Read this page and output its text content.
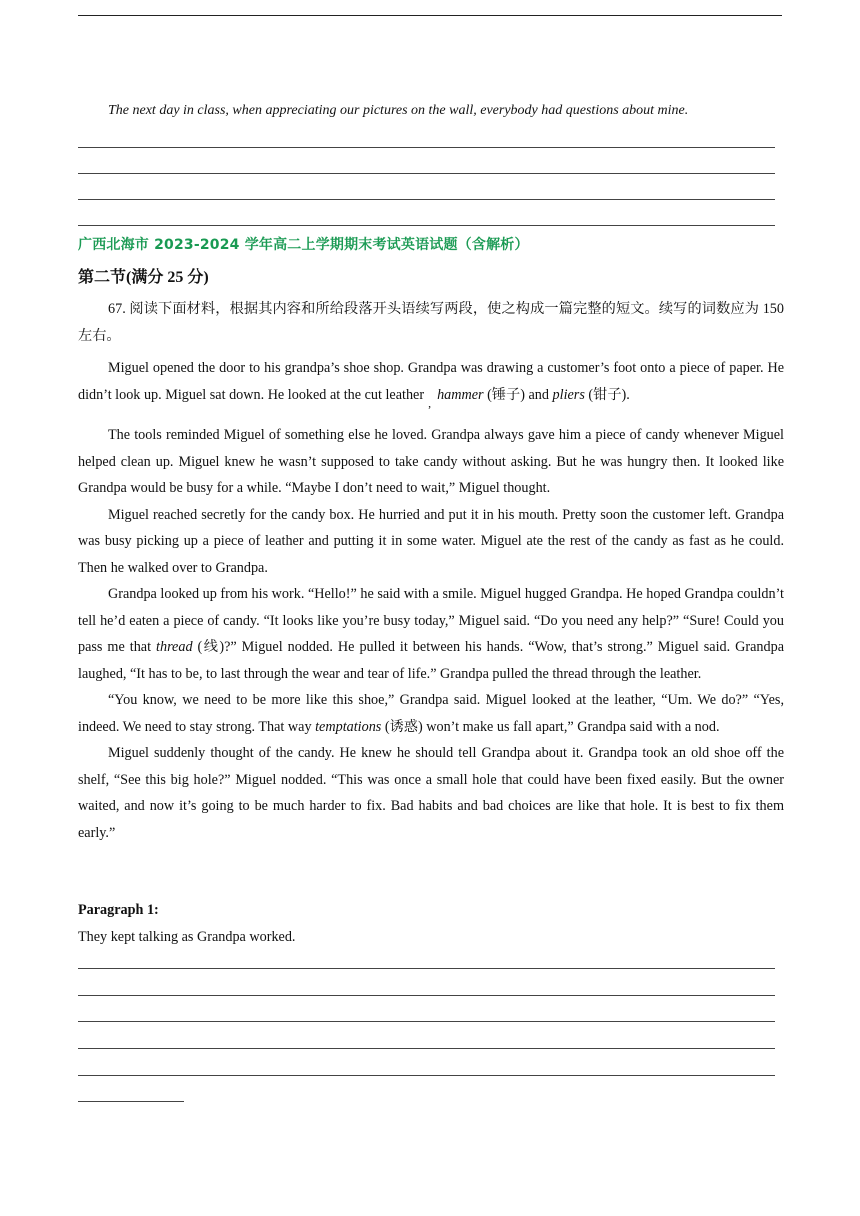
The next day in class, when appreciating our pictures on the wall, everybody had questions about mine.
广西北海市 2023-2024 学年高二上学期期末考试英语试题（含解析）
第二节(满分 25 分)

67. 阅读下面材料，根据其内容和所给段落开头语续写两段，使之构成一篇完整的短文。续写的词数应为 150 左右。

Miguel opened the door to his grandpa’s shoe shop. Grandpa was drawing a customer’s foot onto a piece of paper. He didn’t look up. Miguel sat down. He looked at the cut leather $_,$ hammer (锤子) and pliers (钳子).

The tools reminded Miguel of something else he loved. Grandpa always gave him a piece of candy whenever Miguel helped clean up. Miguel knew he wasn’t supposed to take candy without asking. But he was hungry then. It looked like Grandpa would be busy for a while. “Maybe I don’t need to wait,” Miguel thought.

Miguel reached secretly for the candy box. He hurried and put it in his mouth. Pretty soon the customer left. Grandpa was busy picking up a piece of leather and putting it in some water. Miguel ate the rest of the candy as fast as he could. Then he walked over to Grandpa.

Grandpa looked up from his work. “Hello!” he said with a smile. Miguel hugged Grandpa. He hoped Grandpa couldn’t tell he’d eaten a piece of candy. “It looks like you’re busy today,” Miguel said. “Do you need any help?” “Sure! Could you pass me that thread (线)?” Miguel nodded. He pulled it between his hands. “Wow, that’s strong.” Miguel said. Grandpa laughed, “It has to be, to last through the wear and tear of life.” Grandpa pulled the thread through the leather.

“You know, we need to be more like this shoe,” Grandpa said. Miguel looked at the leather, “Um. We do?” “Yes, indeed. We need to stay strong. That way temptations (诱惑) won’t make us fall apart,” Grandpa said with a nod.

Miguel suddenly thought of the candy. He knew he should tell Grandpa about it. Grandpa took an old shoe off the shelf, “See this big hole?” Miguel nodded. “This was once a small hole that could have been fixed easily. But the owner waited, and now it’s going to be much harder to fix. Bad habits and bad choices are like that hole. It is best to fix them early.”

Paragraph 1:
They kept talking as Grandpa worked.
